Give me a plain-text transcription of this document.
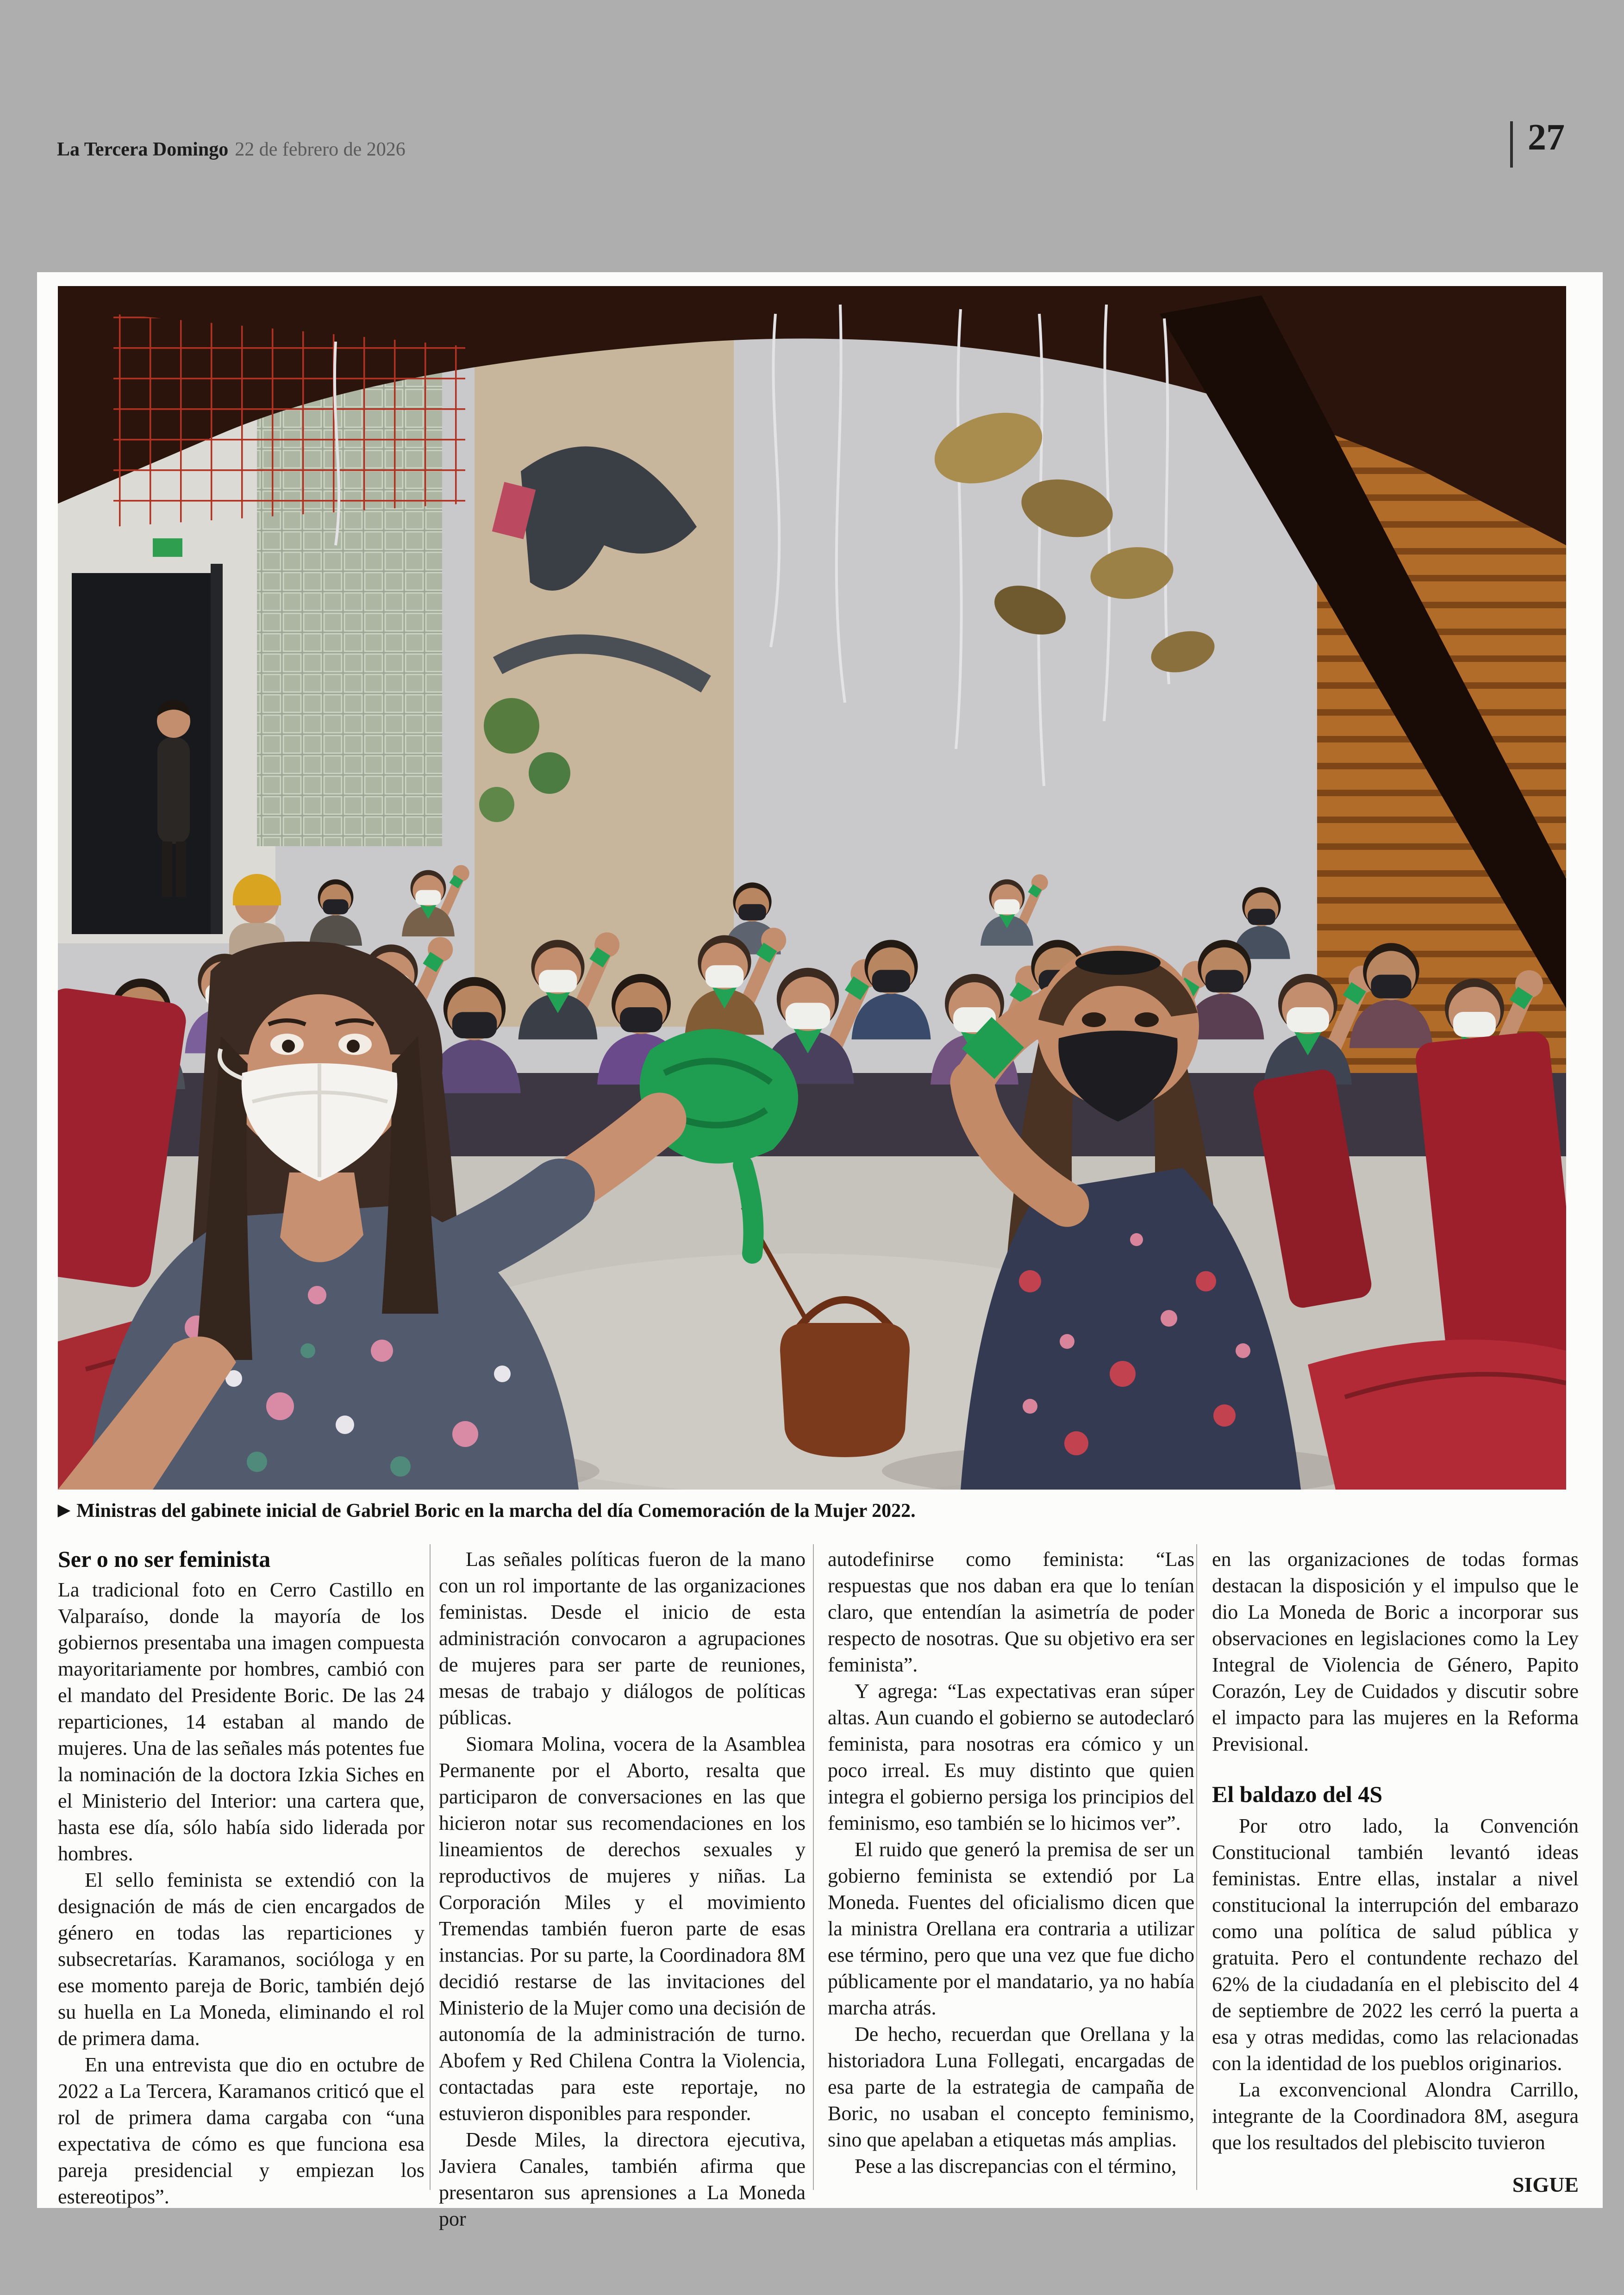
La Tercera Domingo 22 de febrero de 2026	27
▶ Ministras del gabinete inicial de Gabriel Boric en la marcha del día Comemoración de la Mujer 2022.
Ser o no ser feminista

La tradicional foto en Cerro Castillo en Valparaíso, donde la mayoría de los gobiernos presentaba una imagen compuesta mayoritariamente por hombres, cambió con el mandato del Presidente Boric. De las 24 reparticiones, 14 estaban al mando de mujeres. Una de las señales más potentes fue la nominación de la doctora Izkia Siches en el Ministerio del Interior: una cartera que, hasta ese día, sólo había sido liderada por hombres.

El sello feminista se extendió con la designación de más de cien encargados de género en todas las reparticiones y subsecretarías. Karamanos, socióloga y en ese momento pareja de Boric, también dejó su huella en La Moneda, eliminando el rol de primera dama.

En una entrevista que dio en octubre de 2022 a La Tercera, Karamanos criticó que el rol de primera dama cargaba con “una expectativa de cómo es que funciona esa pareja presidencial y empiezan los estereotipos”.

Las señales políticas fueron de la mano con un rol importante de las organizaciones feministas. Desde el inicio de esta administración convocaron a agrupaciones de mujeres para ser parte de reuniones, mesas de trabajo y diálogos de políticas públicas.

Siomara Molina, vocera de la Asamblea Permanente por el Aborto, resalta que participaron de conversaciones en las que hicieron notar sus recomendaciones en los lineamientos de derechos sexuales y reproductivos de mujeres y niñas. La Corporación Miles y el movimiento Tremendas también fueron parte de esas instancias. Por su parte, la Coordinadora 8M decidió restarse de las invitaciones del Ministerio de la Mujer como una decisión de autonomía de la administración de turno. Abofem y Red Chilena Contra la Violencia, contactadas para este reportaje, no estuvieron disponibles para responder.

Desde Miles, la directora ejecutiva, Javiera Canales, también afirma que presentaron sus aprensiones a La Moneda por

autodefinirse como feminista: “Las respuestas que nos daban era que lo tenían claro, que entendían la asimetría de poder respecto de nosotras. Que su objetivo era ser feminista”.

Y agrega: “Las expectativas eran súper altas. Aun cuando el gobierno se autodeclaró feminista, para nosotras era cómico y un poco irreal. Es muy distinto que quien integra el gobierno persiga los principios del feminismo, eso también se lo hicimos ver”.

El ruido que generó la premisa de ser un gobierno feminista se extendió por La Moneda. Fuentes del oficialismo dicen que la ministra Orellana era contraria a utilizar ese término, pero que una vez que fue dicho públicamente por el mandatario, ya no había marcha atrás.

De hecho, recuerdan que Orellana y la historiadora Luna Follegati, encargadas de esa parte de la estrategia de campaña de Boric, no usaban el concepto feminismo, sino que apelaban a etiquetas más amplias.

Pese a las discrepancias con el término,

en las organizaciones de todas formas destacan la disposición y el impulso que le dio La Moneda de Boric a incorporar sus observaciones en legislaciones como la Ley Integral de Violencia de Género, Papito Corazón, Ley de Cuidados y discutir sobre el impacto para las mujeres en la Reforma Previsional.

El baldazo del 4S

Por otro lado, la Convención Constitucional también levantó ideas feministas. Entre ellas, instalar a nivel constitucional la interrupción del embarazo como una política de salud pública y gratuita. Pero el contundente rechazo del 62% de la ciudadanía en el plebiscito del 4 de septiembre de 2022 les cerró la puerta a esa y otras medidas, como las relacionadas con la identidad de los pueblos originarios.

La exconvencional Alondra Carrillo, integrante de la Coordinadora 8M, asegura que los resultados del plebiscito tuvieron

SIGUE
